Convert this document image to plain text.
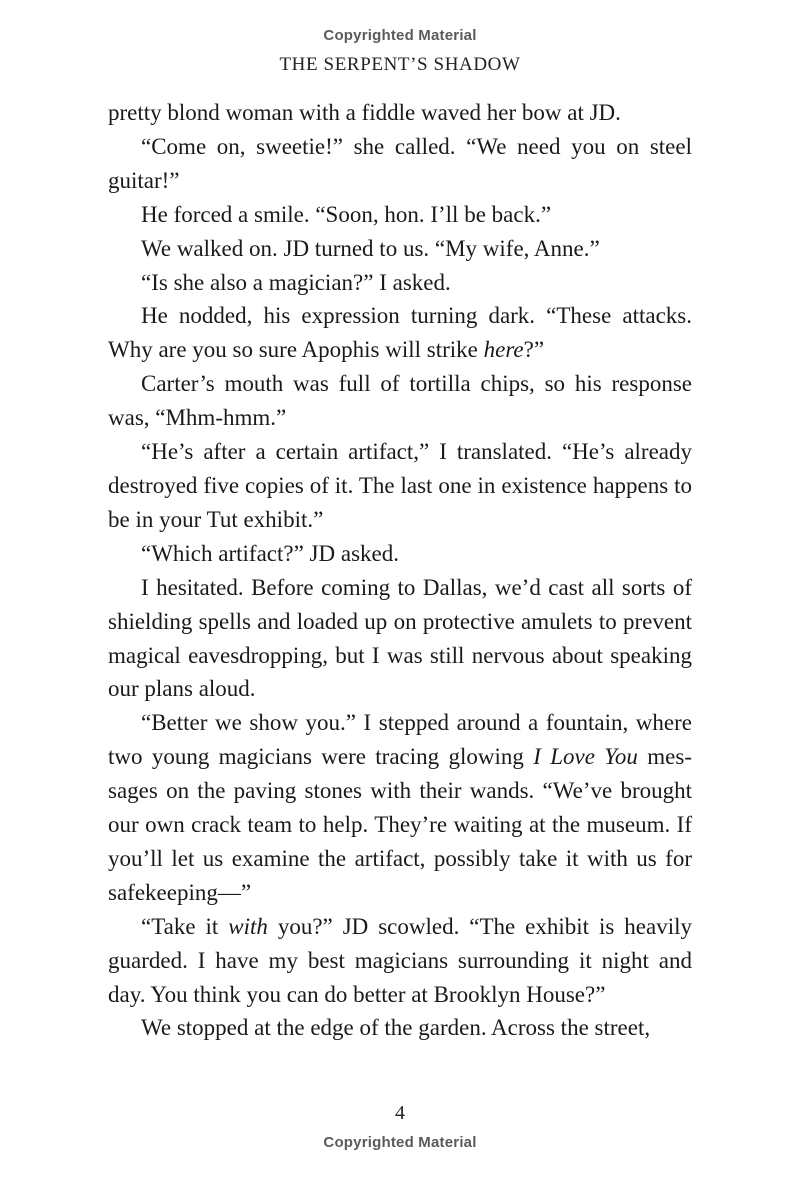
Copyrighted Material
THE SERPENT’S SHADOW

pretty blond woman with a fiddle waved her bow at JD.

“Come on, sweetie!” she called. “We need you on steel guitar!”

He forced a smile. “Soon, hon. I’ll be back.”

We walked on. JD turned to us. “My wife, Anne.”

“Is she also a magician?” I asked.

He nodded, his expression turning dark. “These attacks. Why are you so sure Apophis will strike here?”

Carter’s mouth was full of tortilla chips, so his response was, “Mhm-hmm.”

“He’s after a certain artifact,” I translated. “He’s already destroyed five copies of it. The last one in existence happens to be in your Tut exhibit.”

“Which artifact?” JD asked.

I hesitated. Before coming to Dallas, we’d cast all sorts of shielding spells and loaded up on protective amulets to prevent magical eavesdropping, but I was still nervous about speaking our plans aloud.

“Better we show you.” I stepped around a fountain, where two young magicians were tracing glowing I Love You messages on the paving stones with their wands. “We’ve brought our own crack team to help. They’re waiting at the museum. If you’ll let us examine the artifact, possibly take it with us for safekeeping—”

“Take it with you?” JD scowled. “The exhibit is heavily guarded. I have my best magicians surrounding it night and day. You think you can do better at Brooklyn House?”

We stopped at the edge of the garden. Across the street,

4
Copyrighted Material
